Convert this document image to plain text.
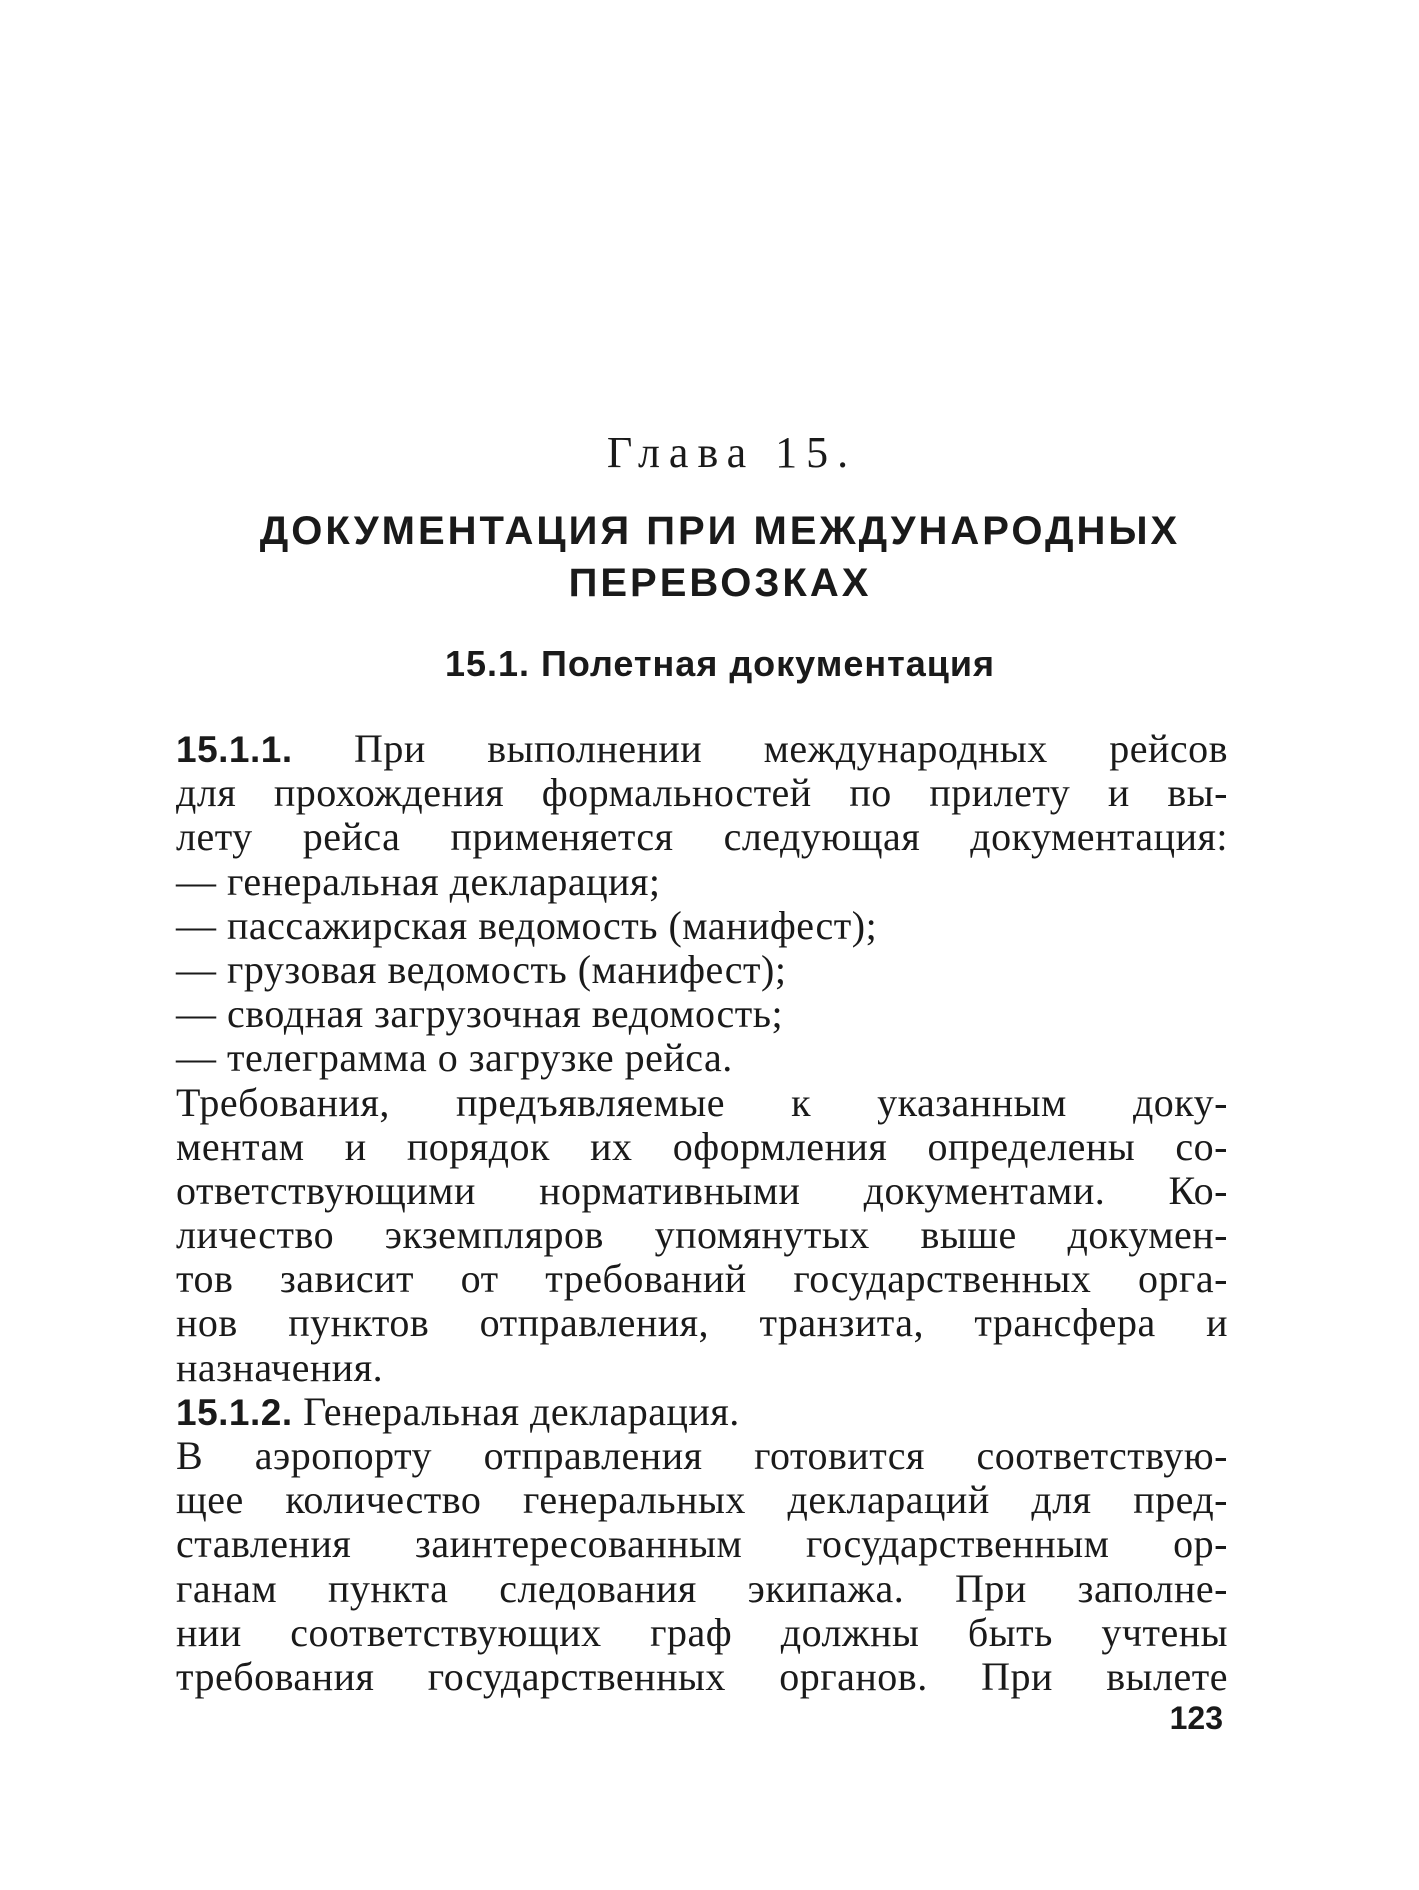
Глава 15.
ДОКУМЕНТАЦИЯ ПРИ МЕЖДУНАРОДНЫХ
ПЕРЕВОЗКАХ
15.1. Полетная документация
15.1.1. При выполнении международных рейсов
для прохождения формальностей по прилету и вы-
лету рейса применяется следующая документация:
— генеральная декларация;
— пассажирская ведомость (манифест);
— грузовая ведомость (манифест);
— сводная загрузочная ведомость;
— телеграмма о загрузке рейса.
Требования, предъявляемые к указанным доку-
ментам и порядок их оформления определены со-
ответствующими нормативными документами. Ко-
личество экземпляров упомянутых выше докумен-
тов зависит от требований государственных орга-
нов пунктов отправления, транзита, трансфера и
назначения.
15.1.2. Генеральная декларация.
В аэропорту отправления готовится соответствую-
щее количество генеральных деклараций для пред-
ставления заинтересованным государственным ор-
ганам пункта следования экипажа. При заполне-
нии соответствующих граф должны быть учтены
требования государственных органов. При вылете
123
